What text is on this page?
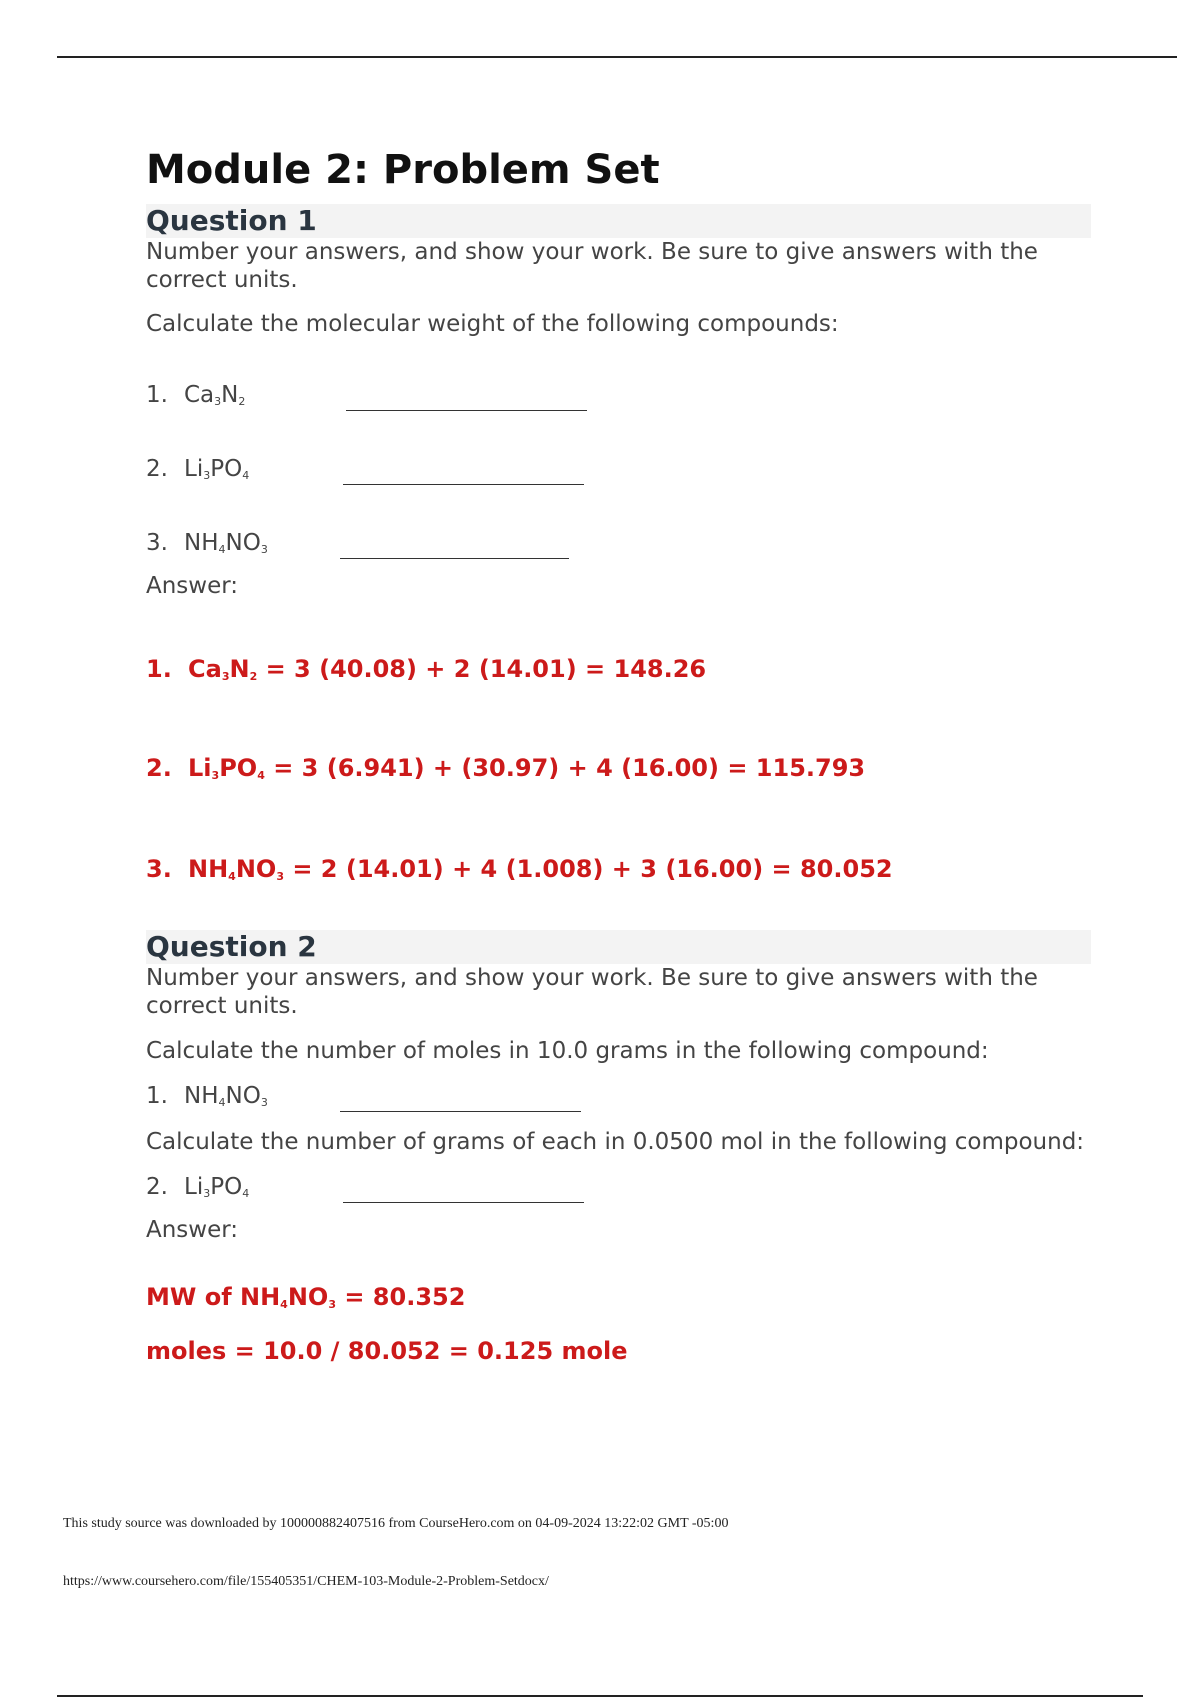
Module 2: Problem Set
Question 1

Number your answers, and show your work. Be sure to give answers with the correct units.

Calculate the molecular weight of the following compounds:

1. $Ca_3N_2$
2. $Li_3PO_4$
3. $NH_4NO_3$

Answer:

1. $Ca_3N_2 = 3$ (40.08) + 2 (14.01) = 148.26
2. $Li_3PO_4 = 3$ (6.941) + (30.97) + 4 (16.00) = 115.793
3. $NH_4NO_3 = 2$ (14.01) + 4 (1.008) + 3 (16.00) = 80.052
Question 2

Number your answers, and show your work. Be sure to give answers with the correct units.

Calculate the number of moles in 10.0 grams in the following compound:

1. $NH_4NO_3$

Calculate the number of grams of each in 0.0500 mol in the following compound:

2. $Li_3PO_4$

Answer:

MW of $NH_4NO_3 = 80.352$
moles = 10.0 / 80.052 = 0.125 mole
This study source was downloaded by 100000882407516 from CourseHero.com on 04-09-2024 13:22:02 GMT -05:00
https://www.coursehero.com/file/155405351/CHEM-103-Module-2-Problem-Setdocx/
